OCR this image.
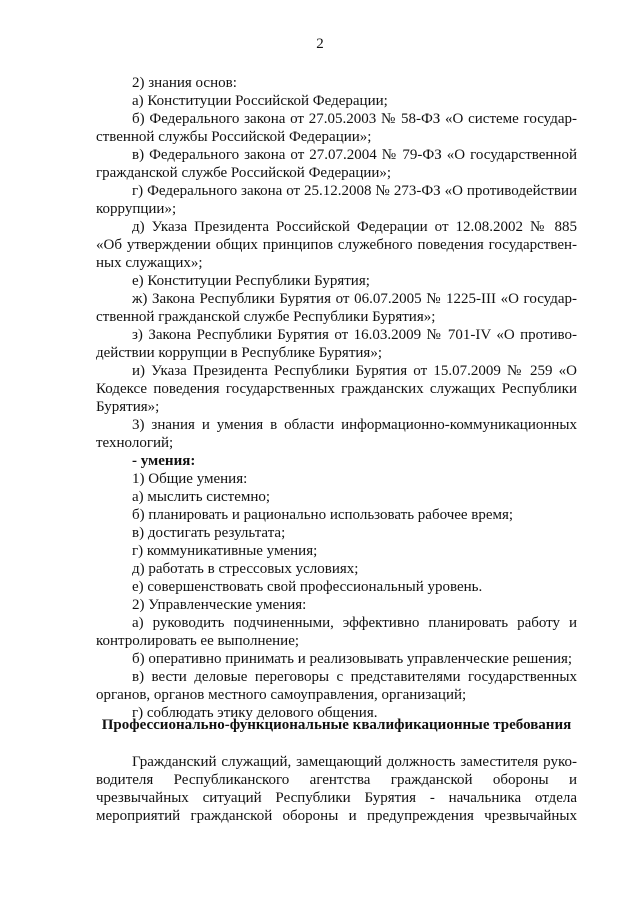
2
2) знания основ:
а) Конституции Российской Федерации;
б) Федерального закона от 27.05.2003 № 58-ФЗ «О системе государ-
ственной службы Российской Федерации»;
в) Федерального закона от 27.07.2004 № 79-ФЗ «О государственной
гражданской службе Российской Федерации»;
г) Федерального закона от 25.12.2008 № 273-ФЗ «О противодействии
коррупции»;
д) Указа Президента Российской Федерации от 12.08.2002 № 885
«Об утверждении общих принципов служебного поведения государствен-
ных служащих»;
е) Конституции Республики Бурятия;
ж) Закона Республики Бурятия от 06.07.2005 № 1225-III «О государ-
ственной гражданской службе Республики Бурятия»;
з) Закона Республики Бурятия от 16.03.2009 № 701-IV «О противо-
действии коррупции в Республике Бурятия»;
и) Указа Президента Республики Бурятия от 15.07.2009 № 259 «О
Кодексе поведения государственных гражданских служащих Республики
Бурятия»;
3) знания и умения в области информационно-коммуникационных
технологий;
- умения:
1) Общие умения:
а) мыслить системно;
б) планировать и рационально использовать рабочее время;
в) достигать результата;
г) коммуникативные умения;
д) работать в стрессовых условиях;
е) совершенствовать свой профессиональный уровень.
2) Управленческие умения:
а) руководить подчиненными, эффективно планировать работу и
контролировать ее выполнение;
б) оперативно принимать и реализовывать управленческие решения;
в) вести деловые переговоры с представителями государственных
органов, органов местного самоуправления, организаций;
г) соблюдать этику делового общения.
Профессионально-функциональные квалификационные требования
Гражданский служащий, замещающий должность заместителя руко-
водителя Республиканского агентства гражданской обороны и
чрезвычайных ситуаций Республики Бурятия - начальника отдела
мероприятий гражданской обороны и предупреждения чрезвычайных
